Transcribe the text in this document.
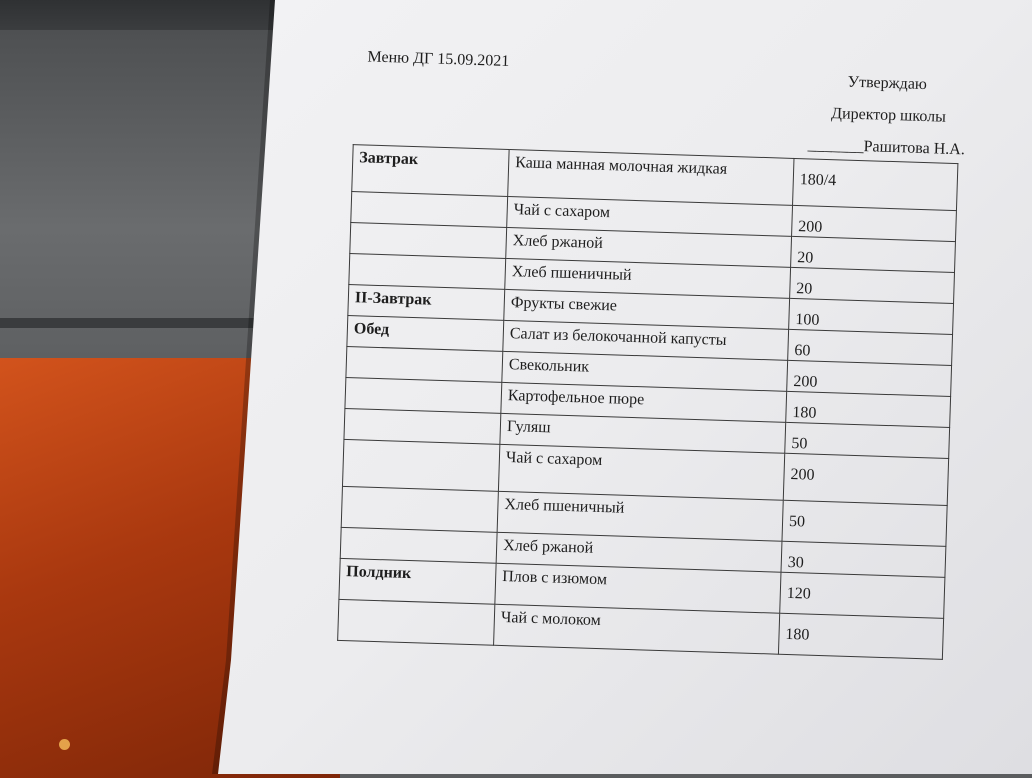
Меню ДГ 15.09.2021
Утверждаю
Директор школы
_______Рашитова Н.А.
Завтрак	Каша манная молочная жидкая	180/4
	Чай с сахаром	200
	Хлеб ржаной	20
	Хлеб пшеничный	20
II-Завтрак	Фрукты свежие	100
Обед	Салат из белокочанной капусты	60
	Свекольник	200
	Картофельное пюре	180
	Гуляш	50
	Чай с сахаром	200
	Хлеб пшеничный	50
	Хлеб ржаной	30
Полдник	Плов с изюмом	120
	Чай с молоком	180
